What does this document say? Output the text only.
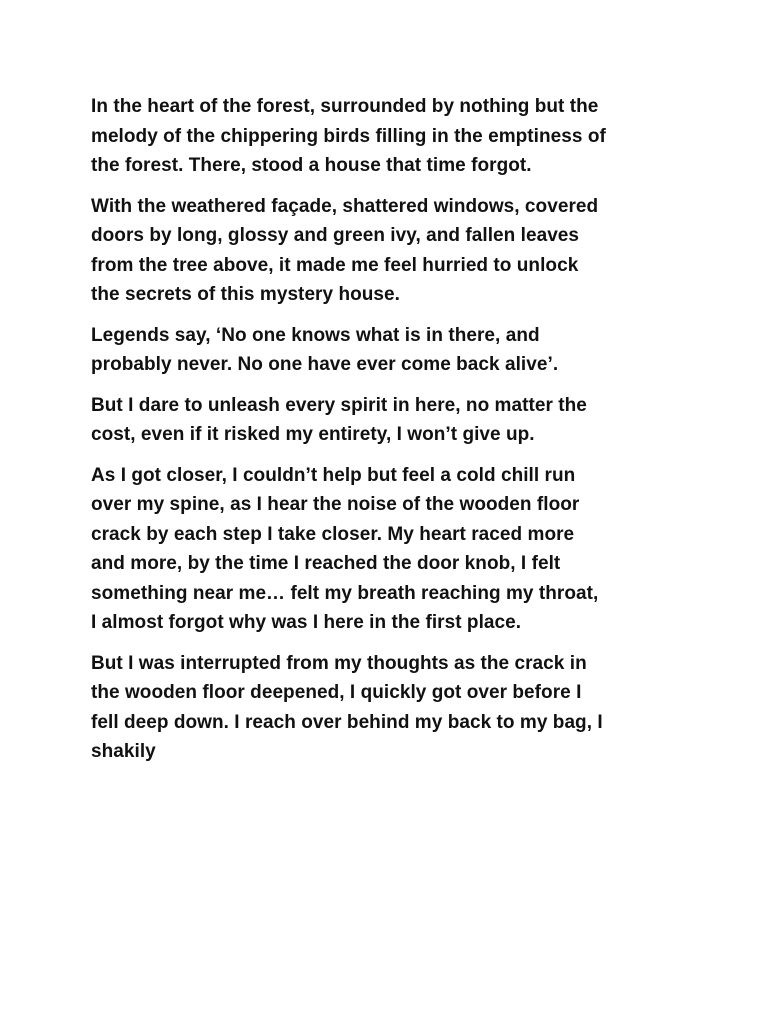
In the heart of the forest, surrounded by nothing but the
melody of the chippering birds filling in the emptiness of
the forest. There, stood a house that time forgot.

With the weathered façade, shattered windows, covered
doors by long, glossy and green ivy, and fallen leaves
from the tree above, it made me feel hurried to unlock
the secrets of this mystery house.

Legends say, ‘No one knows what is in there, and
probably never. No one have ever come back alive’.

But I dare to unleash every spirit in here, no matter the
cost, even if it risked my entirety, I won’t give up.

As I got closer, I couldn’t help but feel a cold chill run
over my spine, as I hear the noise of the wooden floor
crack by each step I take closer. My heart raced more
and more, by the time I reached the door knob, I felt
something near me… felt my breath reaching my throat,
I almost forgot why was I here in the first place.

But I was interrupted from my thoughts as the crack in
the wooden floor deepened, I quickly got over before I
fell deep down. I reach over behind my back to my bag, I
shakily
